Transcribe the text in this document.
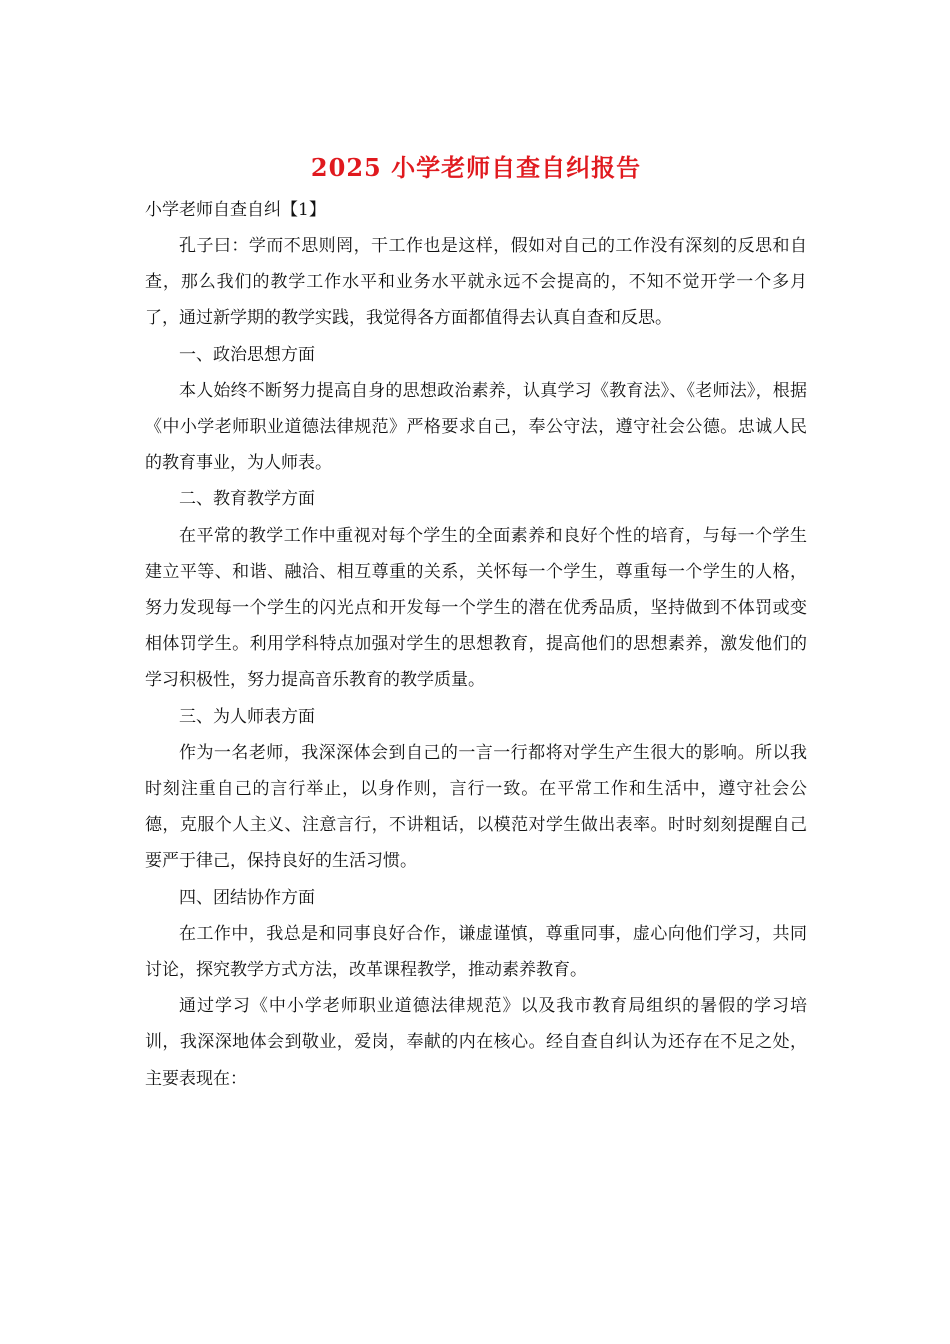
2025 小学老师自查自纠报告

小学老师自查自纠【1】

孔子曰：学而不思则罔，干工作也是这样，假如对自己的工作没有深刻的反思和自查，那么我们的教学工作水平和业务水平就永远不会提高的，不知不觉开学一个多月了，通过新学期的教学实践，我觉得各方面都值得去认真自查和反思。

一、政治思想方面

本人始终不断努力提高自身的思想政治素养，认真学习《教育法》、《老师法》，根据《中小学老师职业道德法律规范》严格要求自己，奉公守法，遵守社会公德。忠诚人民的教育事业，为人师表。

二、教育教学方面

在平常的教学工作中重视对每个学生的全面素养和良好个性的培育，与每一个学生建立平等、和谐、融洽、相互尊重的关系，关怀每一个学生，尊重每一个学生的人格，努力发现每一个学生的闪光点和开发每一个学生的潜在优秀品质，坚持做到不体罚或变相体罚学生。利用学科特点加强对学生的思想教育，提高他们的思想素养，激发他们的学习积极性，努力提高音乐教育的教学质量。

三、为人师表方面

作为一名老师，我深深体会到自己的一言一行都将对学生产生很大的影响。所以我时刻注重自己的言行举止，以身作则，言行一致。在平常工作和生活中，遵守社会公德，克服个人主义、注意言行，不讲粗话，以模范对学生做出表率。时时刻刻提醒自己要严于律己，保持良好的生活习惯。

四、团结协作方面

在工作中，我总是和同事良好合作，谦虚谨慎，尊重同事，虚心向他们学习，共同讨论，探究教学方式方法，改革课程教学，推动素养教育。

通过学习《中小学老师职业道德法律规范》以及我市教育局组织的暑假的学习培训，我深深地体会到敬业，爱岗，奉献的内在核心。经自查自纠认为还存在不足之处，主要表现在：
